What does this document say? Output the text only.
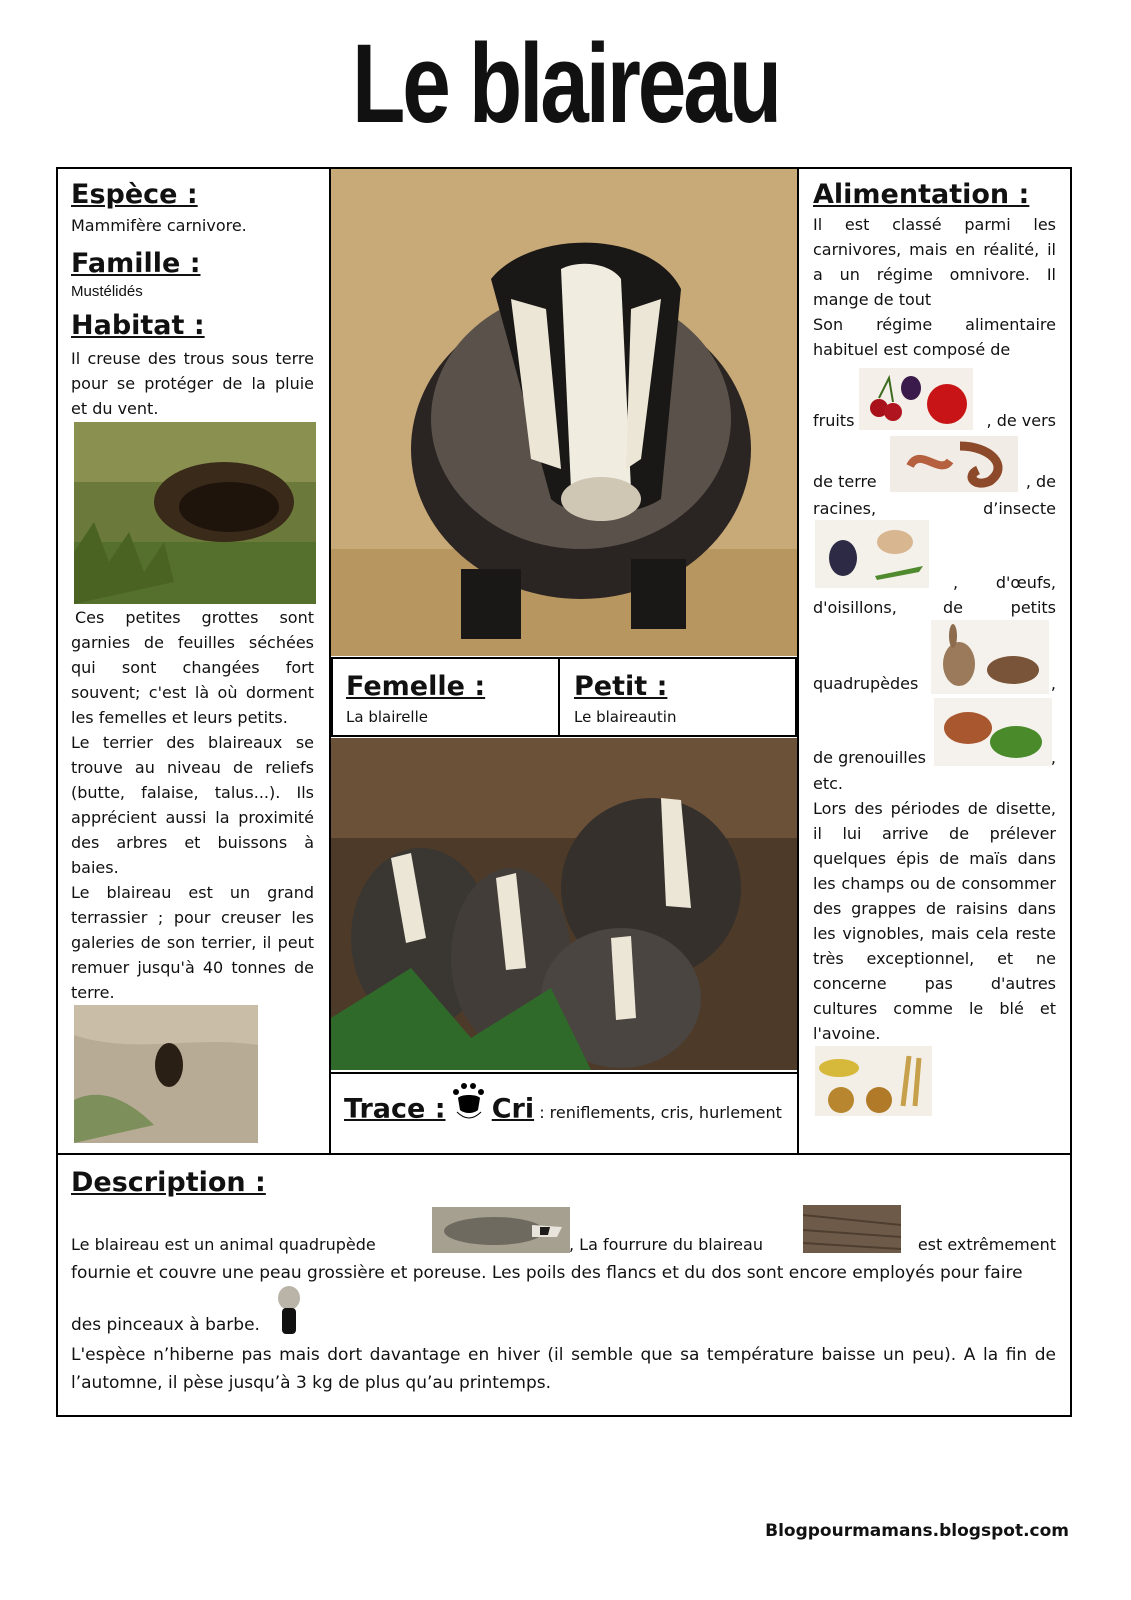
Le blaireau

Espèce :

Mammifère carnivore.

Famille :

Mustélidés

Habitat :

Il creuse des trous sous terre pour se protéger de la pluie et du vent.

Ces petites grottes sont garnies de feuilles séchées qui sont changées fort souvent; c'est là où dorment les femelles et leurs petits.

Le terrier des blaireaux se trouve au niveau de reliefs (butte, falaise, talus...). Ils apprécient aussi la proximité des arbres et buissons à baies.

Le blaireau est un grand terrassier ; pour creuser les galeries de son terrier, il peut remuer jusqu'à 40 tonnes de terre.

Femelle :

La blairelle

Petit :

Le blaireautin

Trace : Cri : reniflements, cris, hurlement

Alimentation :

Il est classé parmi les carnivores, mais en réalité, il a un régime omnivore. Il mange de tout

Son régime alimentaire habituel est composé de

fruits	, de vers
de terre	, de
racines,	d’insecte
, d'œufs,
d'oisillons,	petits
de
quadrupèdes	,
de grenouilles	,

etc.

Lors des périodes de disette, il lui arrive de prélever quelques épis de maïs dans les champs ou de consommer des grappes de raisins dans les vignobles, mais cela reste très exceptionnel, et ne concerne pas d'autres cultures comme le blé et l'avoine.

Description :

Le blaireau est un animal quadrupède	, La fourrure du blaireau	est extrêmement

fournie et couvre une peau grossière et poreuse. Les poils des flancs et du dos sont encore employés pour faire

des pinceaux à barbe.

L'espèce n’hiberne pas mais dort davantage en hiver (il semble que sa température baisse un peu). A la fin de l’automne, il pèse jusqu’à 3 kg de plus qu’au printemps.

Blogpourmamans.blogspot.com
